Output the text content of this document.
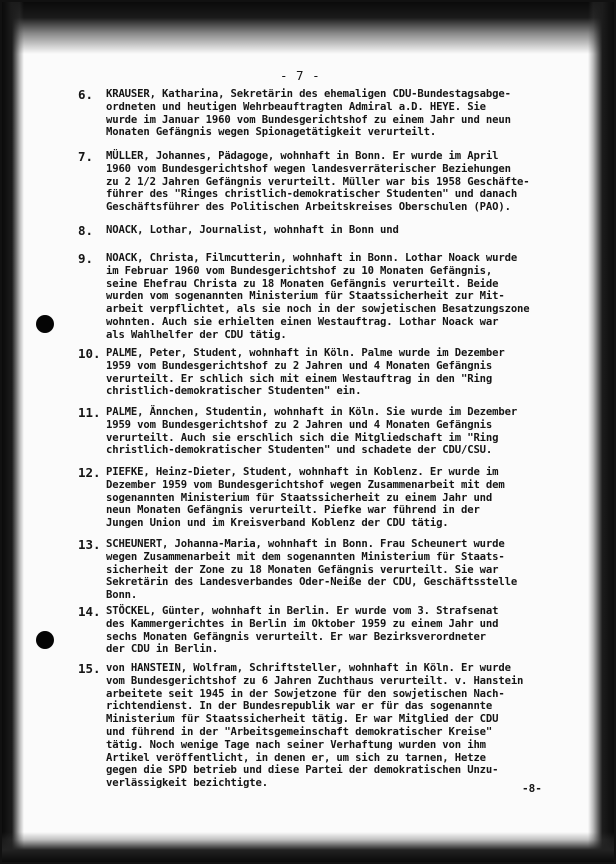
- 7 -
6.	KRAUSER, Katharina, Sekretärin des ehemaligen CDU-Bundestagsabge-
ordneten und heutigen Wehrbeauftragten Admiral a.D. HEYE. Sie
wurde im Januar 1960 vom Bundesgerichtshof zu einem Jahr und neun
Monaten Gefängnis wegen Spionagetätigkeit verurteilt.
7.	MÜLLER, Johannes, Pädagoge, wohnhaft in Bonn. Er wurde im April
1960 vom Bundesgerichtshof wegen landesverräterischer Beziehungen
zu 2 1/2 Jahren Gefängnis verurteilt. Müller war bis 1958 Geschäfte-
führer des "Ringes christlich-demokratischer Studenten" und danach
Geschäftsführer des Politischen Arbeitskreises Oberschulen (PAO).
8.	NOACK, Lothar, Journalist, wohnhaft in Bonn und
9.	NOACK, Christa, Filmcutterin, wohnhaft in Bonn. Lothar Noack wurde
im Februar 1960 vom Bundesgerichtshof zu 10 Monaten Gefängnis,
seine Ehefrau Christa zu 18 Monaten Gefängnis verurteilt. Beide
wurden vom sogenannten Ministerium für Staatssicherheit zur Mit-
arbeit verpflichtet, als sie noch in der sowjetischen Besatzungszone
wohnten. Auch sie erhielten einen Westauftrag. Lothar Noack war
als Wahlhelfer der CDU tätig.
10. PALME, Peter, Student, wohnhaft in Köln. Palme wurde im Dezember
1959 vom Bundesgerichtshof zu 2 Jahren und 4 Monaten Gefängnis
verurteilt. Er schlich sich mit einem Westauftrag in den "Ring
christlich-demokratischer Studenten" ein.
11. PALME, Ännchen, Studentin, wohnhaft in Köln. Sie wurde im Dezember
1959 vom Bundesgerichtshof zu 2 Jahren und 4 Monaten Gefängnis
verurteilt. Auch sie erschlich sich die Mitgliedschaft im "Ring
christlich-demokratischer Studenten" und schadete der CDU/CSU.
12. PIEFKE, Heinz-Dieter, Student, wohnhaft in Koblenz. Er wurde im
Dezember 1959 vom Bundesgerichtshof wegen Zusammenarbeit mit dem
sogenannten Ministerium für Staatssicherheit zu einem Jahr und
neun Monaten Gefängnis verurteilt. Piefke war führend in der
Jungen Union und im Kreisverband Koblenz der CDU tätig.
13. SCHEUNERT, Johanna-Maria, wohnhaft in Bonn. Frau Scheunert wurde
wegen Zusammenarbeit mit dem sogenannten Ministerium für Staats-
sicherheit der Zone zu 18 Monaten Gefängnis verurteilt. Sie war
Sekretärin des Landesverbandes Oder-Neiße der CDU, Geschäftsstelle
Bonn.
14. STÖCKEL, Günter, wohnhaft in Berlin. Er wurde vom 3. Strafsenat
des Kammergerichtes in Berlin im Oktober 1959 zu einem Jahr und
sechs Monaten Gefängnis verurteilt. Er war Bezirksverordneter
der CDU in Berlin.
15. von HANSTEIN, Wolfram, Schriftsteller, wohnhaft in Köln. Er wurde
vom Bundesgerichtshof zu 6 Jahren Zuchthaus verurteilt. v. Hanstein
arbeitete seit 1945 in der Sowjetzone für den sowjetischen Nach-
richtendienst. In der Bundesrepublik war er für das sogenannte
Ministerium für Staatssicherheit tätig. Er war Mitglied der CDU
und führend in der "Arbeitsgemeinschaft demokratischer Kreise"
tätig. Noch wenige Tage nach seiner Verhaftung wurden von ihm
Artikel veröffentlicht, in denen er, um sich zu tarnen, Hetze
gegen die SPD betrieb und diese Partei der demokratischen Unzu-
verlässigkeit bezichtigte.	-8-
